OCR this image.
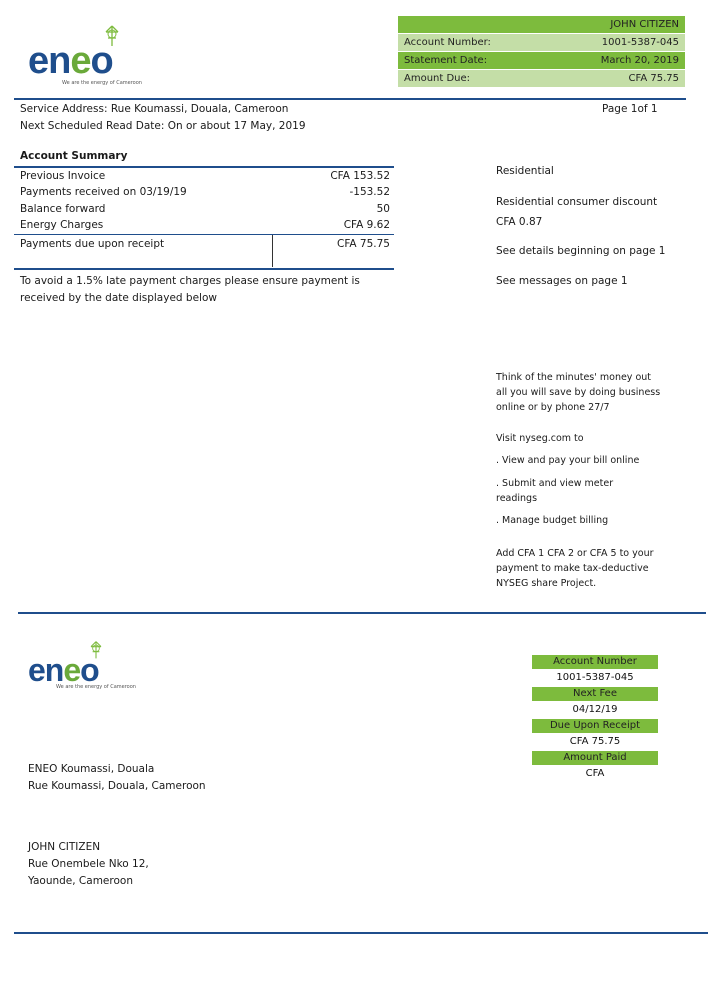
eneo
We are the energy of Cameroon
JOHN CITIZEN	
Account Number:	1001-5387-045
Statement Date:	March 20, 2019
Amount Due:	CFA 75.75
Service Address: Rue Koumassi, Douala, Cameroon
Next Scheduled Read Date: On or about 17 May, 2019
Page 1of 1
Account Summary
Previous Invoice	CFA 153.52
Payments received on 03/19/19	-153.52
Balance forward	50
Energy Charges	CFA 9.62
Payments due upon receipt	CFA 75.75
To avoid a 1.5% late payment charges please ensure payment is
received by the date displayed below
Residential
Residential consumer discount
CFA 0.87
See details beginning on page 1
See messages on page 1
Think of the minutes' money out
all you will save by doing business
online or by phone 27/7
Visit nyseg.com to
. View and pay your bill online
. Submit and view meter
readings
. Manage budget billing
Add CFA 1 CFA 2 or CFA 5 to your
payment to make tax-deductive
NYSEG share Project.
eneo
We are the energy of Cameroon
Account Number
1001-5387-045
Next Fee
04/12/19
Due Upon Receipt
CFA 75.75
Amount Paid
CFA
ENEO Koumassi, Douala
Rue Koumassi, Douala, Cameroon
JOHN CITIZEN
Rue Onembele Nko 12,
Yaounde, Cameroon
